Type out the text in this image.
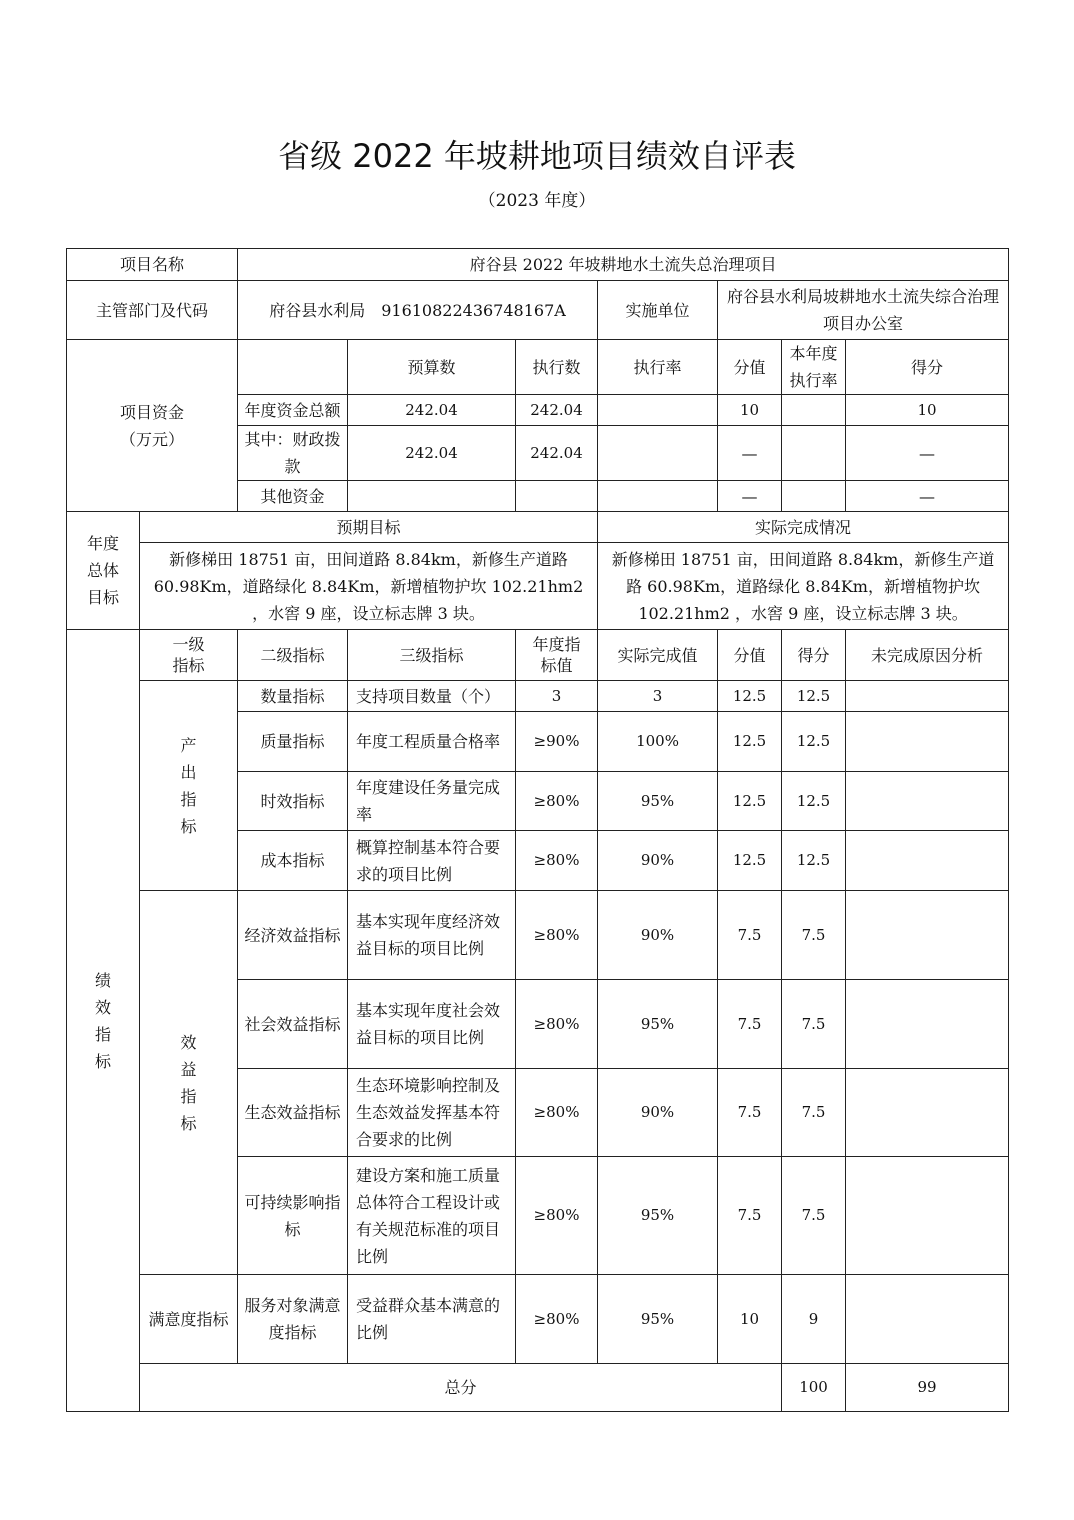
省级 2022 年坡耕地项目绩效自评表
（2023 年度）
项目名称		府谷县 2022 年坡耕地水土流失总治理项目							
主管部门及代码		府谷县水利局　91610822436748167A			实施单位	府谷县水利局坡耕地水土流失综合治理项目办公室			

项目资金
（万元）			预算数	执行数	执行率	分值	本年度执行率	得分	
		年度资金总额	242.04	242.04		10		10	
		其中：财政拨款	242.04	242.04		—		—	
		其他资金				—		—	

年度
总体
目标	预期目标				实际完成情况				
	新修梯田 18751 亩，田间道路 8.84km，新修生产道路 60.98Km，道路绿化 8.84Km，新增植物护坎 102.21hm2 ，水窖 9 座，设立标志牌 3 块。				新修梯田 18751 亩，田间道路 8.84km，新修生产道路 60.98Km，道路绿化 8.84Km，新增植物护坎 102.21hm2 ，水窖 9 座，设立标志牌 3 块。				

绩
效
指
标	一级
指标	二级指标	三级指标	年度指
标值	实际完成值	分值	得分	未完成原因分析	

	产
出
指
标	数量指标	支持项目数量（个）	3	3	12.5	12.5		
		质量指标	年度工程质量合格率	≥90%	100%	12.5	12.5		
		时效指标	年度建设任务量完成率	≥80%	95%	12.5	12.5		
		成本指标	概算控制基本符合要求的项目比例	≥80%	90%	12.5	12.5		

	效
益
指
标	经济效益指标	基本实现年度经济效益目标的项目比例	≥80%	90%	7.5	7.5		
		社会效益指标	基本实现年度社会效益目标的项目比例	≥80%	95%	7.5	7.5		
		生态效益指标	生态环境影响控制及生态效益发挥基本符合要求的比例	≥80%	90%	7.5	7.5		
		可持续影响指标	建设方案和施工质量总体符合工程设计或有关规范标准的项目比例	≥80%	95%	7.5	7.5		
	满意度指标	服务对象满意度指标	受益群众基本满意的比例	≥80%	95%	10	9		
	总分						100	99	
